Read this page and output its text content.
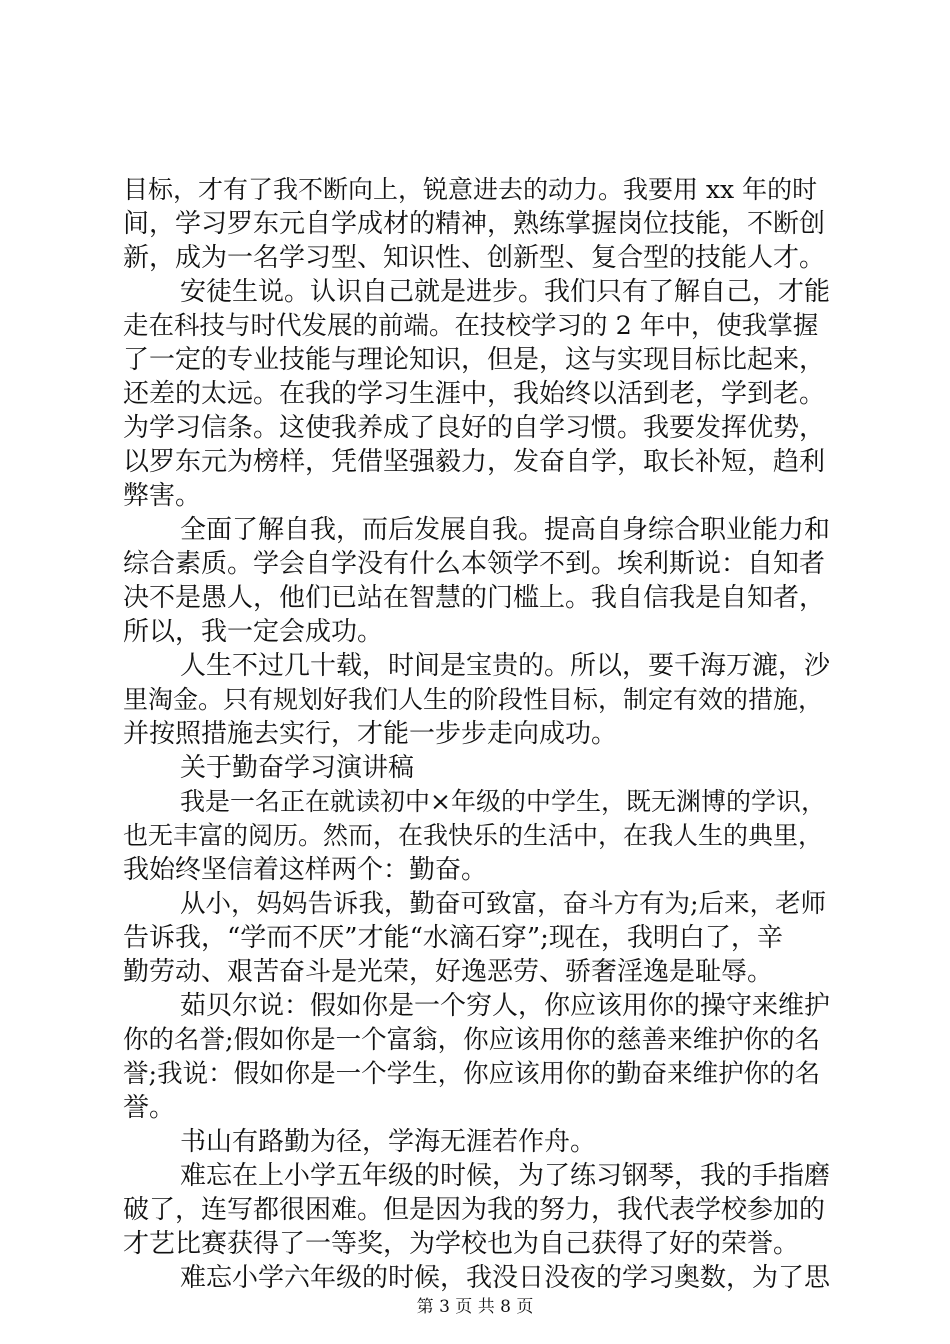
目标，才有了我不断向上，锐意进去的动力。我要用 xx 年的时
间，学习罗东元自学成材的精神，熟练掌握岗位技能，不断创
新，成为一名学习型、知识性、创新型、复合型的技能人才。
安徒生说。认识自己就是进步。我们只有了解自己，才能
走在科技与时代发展的前端。在技校学习的 2 年中，使我掌握
了一定的专业技能与理论知识，但是，这与实现目标比起来，
还差的太远。在我的学习生涯中，我始终以活到老，学到老。
为学习信条。这使我养成了良好的自学习惯。我要发挥优势，
以罗东元为榜样，凭借坚强毅力，发奋自学，取长补短，趋利
弊害。
全面了解自我，而后发展自我。提高自身综合职业能力和
综合素质。学会自学没有什么本领学不到。埃利斯说：自知者
决不是愚人，他们已站在智慧的门槛上。我自信我是自知者，
所以，我一定会成功。
人生不过几十载，时间是宝贵的。所以，要千海万漉，沙
里淘金。只有规划好我们人生的阶段性目标，制定有效的措施，
并按照措施去实行，才能一步步走向成功。
关于勤奋学习演讲稿
我是一名正在就读初中×年级的中学生，既无渊博的学识，
也无丰富的阅历。然而，在我快乐的生活中，在我人生的典里，
我始终坚信着这样两个：勤奋。
从小，妈妈告诉我，勤奋可致富，奋斗方有为;后来，老师
告诉我，“学而不厌”才能“水滴石穿”;现在，我明白了，辛
勤劳动、艰苦奋斗是光荣，好逸恶劳、骄奢淫逸是耻辱。
茹贝尔说：假如你是一个穷人，你应该用你的操守来维护
你的名誉;假如你是一个富翁，你应该用你的慈善来维护你的名
誉;我说：假如你是一个学生，你应该用你的勤奋来维护你的名
誉。
书山有路勤为径，学海无涯若作舟。
难忘在上小学五年级的时候，为了练习钢琴，我的手指磨
破了，连写都很困难。但是因为我的努力，我代表学校参加的
才艺比赛获得了一等奖，为学校也为自己获得了好的荣誉。
难忘小学六年级的时候，我没日没夜的学习奥数，为了思
第 3 页 共 8 页
